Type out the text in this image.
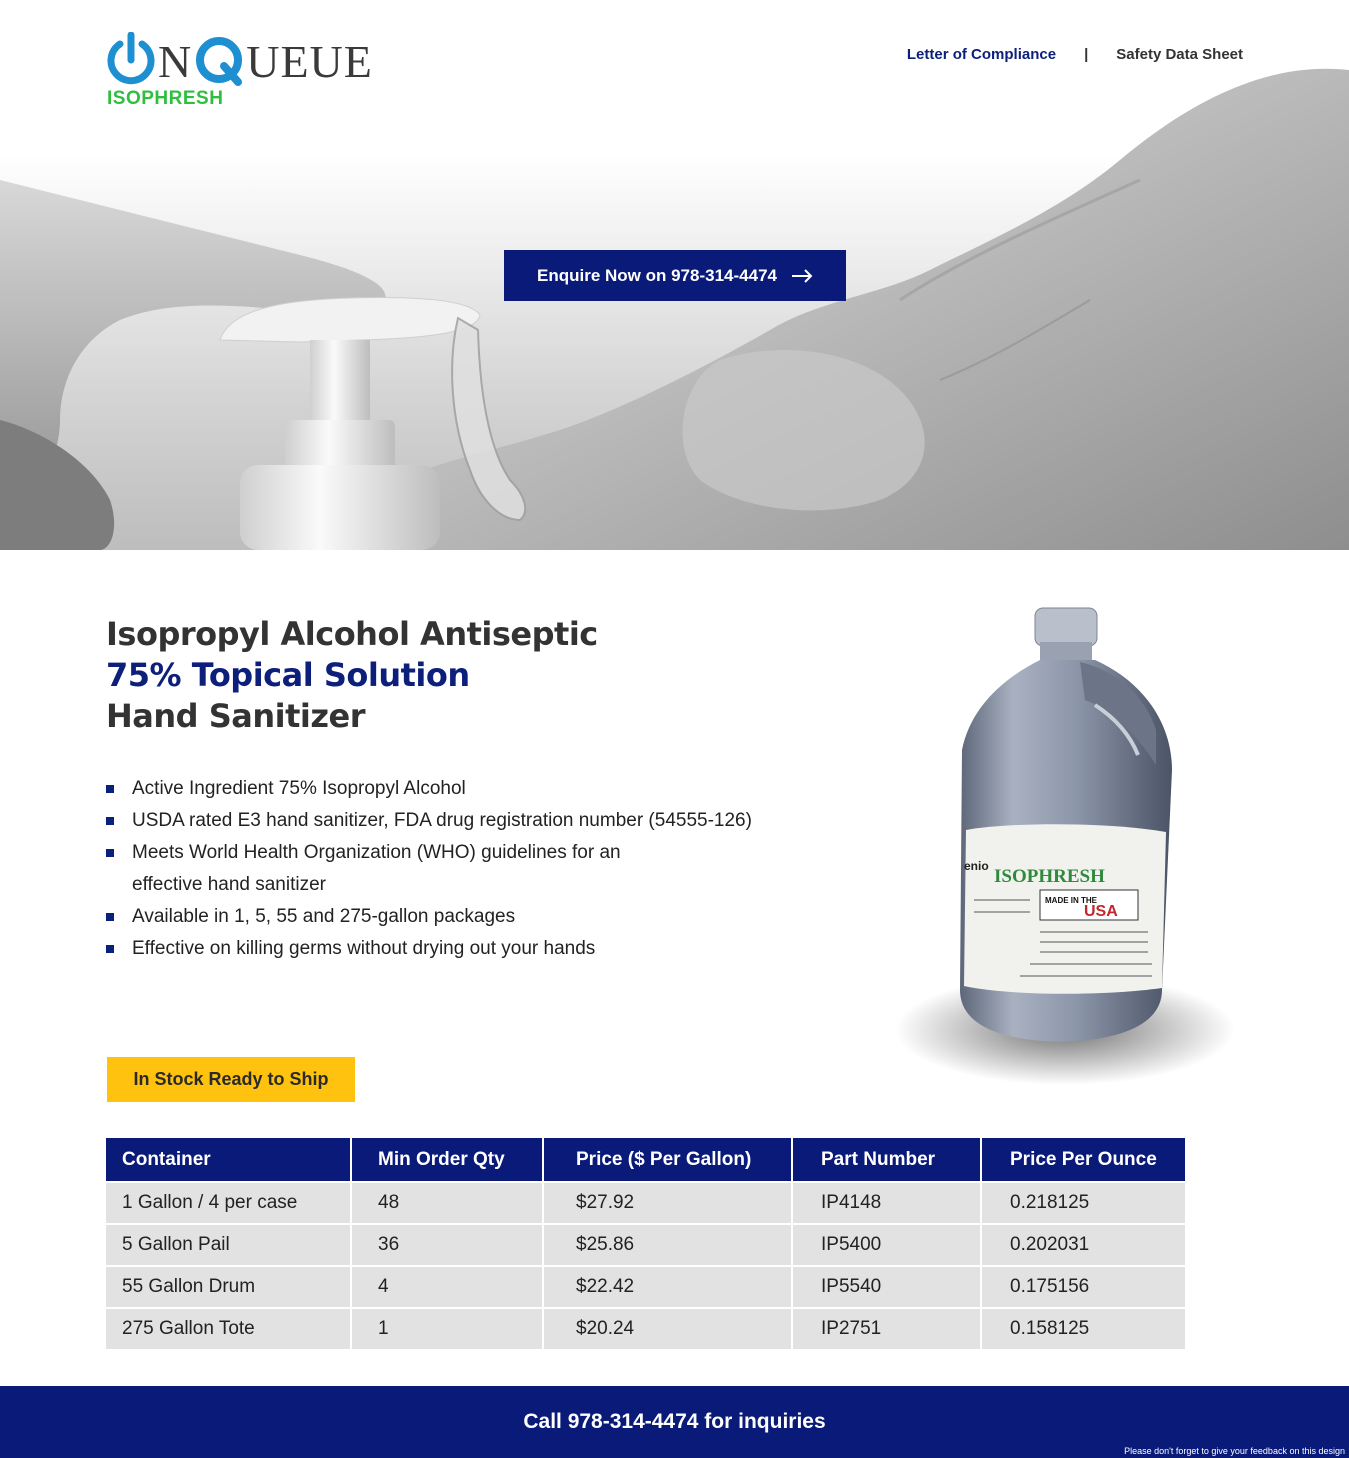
N UEUE
ISOPHRESH
Letter of Compliance | Safety Data Sheet
Enquire Now on 978-314-4474
Isopropyl Alcohol Antiseptic
75% Topical Solution
Hand Sanitizer
Active Ingredient 75% Isopropyl Alcohol
USDA rated E3 hand sanitizer, FDA drug registration number (54555-126)
Meets World Health Organization (WHO) guidelines for an
effective hand sanitizer
Available in 1, 5, 55 and 275-gallon packages
Effective on killing germs without drying out your hands
ISOPHRESH
enio
MADE IN THE
USA
In Stock Ready to Ship
Container	Min Order Qty	Price ($ Per Gallon)	Part Number	Price Per Ounce
1 Gallon / 4 per case	48	$27.92	IP4148	0.218125
5 Gallon Pail	36	$25.86	IP5400	0.202031
55 Gallon Drum	4	$22.42	IP5540	0.175156
275 Gallon Tote	1	$20.24	IP2751	0.158125
Call 978-314-4474 for inquiries
Please don't forget to give your feedback on this design
